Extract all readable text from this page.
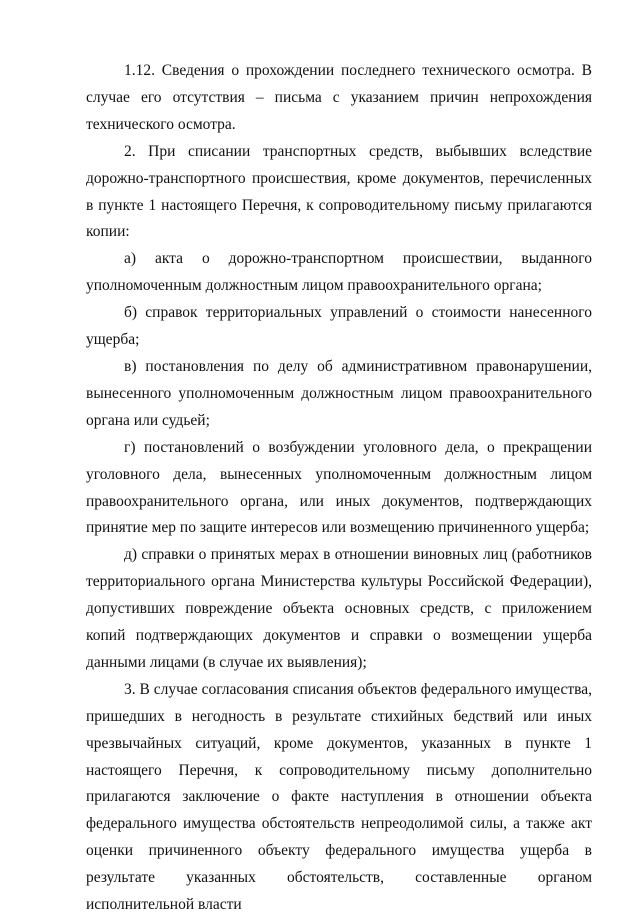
1.12. Сведения о прохождении последнего технического осмотра. В случае его отсутствия – письма с указанием причин непрохождения технического осмотра.

2. При списании транспортных средств, выбывших вследствие дорожно-транспортного происшествия, кроме документов, перечисленных в пункте 1 настоящего Перечня, к сопроводительному письму прилагаются копии:

а) акта о дорожно-транспортном происшествии, выданного уполномоченным должностным лицом правоохранительного органа;

б) справок территориальных управлений о стоимости нанесенного ущерба;

в) постановления по делу об административном правонарушении, вынесенного уполномоченным должностным лицом правоохранительного органа или судьей;

г) постановлений о возбуждении уголовного дела, о прекращении уголовного дела, вынесенных уполномоченным должностным лицом правоохранительного органа, или иных документов, подтверждающих принятие мер по защите интересов или возмещению причиненного ущерба;

д) справки о принятых мерах в отношении виновных лиц (работников территориального органа Министерства культуры Российской Федерации), допустивших повреждение объекта основных средств, с приложением копий подтверждающих документов и справки о возмещении ущерба данными лицами (в случае их выявления);

3. В случае согласования списания объектов федерального имущества, пришедших в негодность в результате стихийных бедствий или иных чрезвычайных ситуаций, кроме документов, указанных в пункте 1 настоящего Перечня, к сопроводительному письму дополнительно прилагаются заключение о факте наступления в отношении объекта федерального имущества обстоятельств непреодолимой силы, а также акт оценки причиненного объекту федерального имущества ущерба в результате указанных обстоятельств, составленные органом исполнительной власти
